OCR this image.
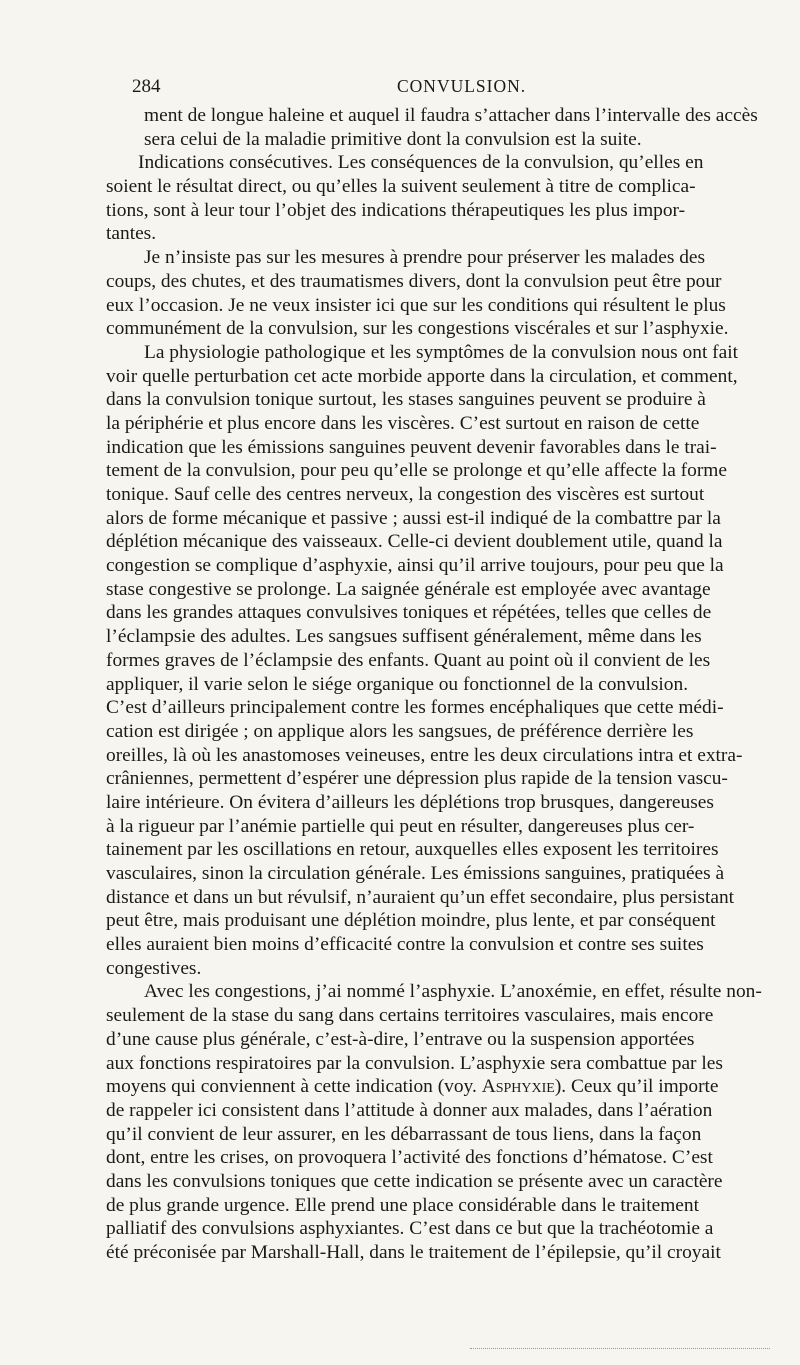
284	CONVULSION.

ment de longue haleine et auquel il faudra s’attacher dans l’intervalle des accès
sera celui de la maladie primitive dont la convulsion est la suite.

Indications consécutives. Les conséquences de la convulsion, qu’elles en
soient le résultat direct, ou qu’elles la suivent seulement à titre de complica-
tions, sont à leur tour l’objet des indications thérapeutiques les plus impor-
tantes.

Je n’insiste pas sur les mesures à prendre pour préserver les malades des
coups, des chutes, et des traumatismes divers, dont la convulsion peut être pour
eux l’occasion. Je ne veux insister ici que sur les conditions qui résultent le plus
communément de la convulsion, sur les congestions viscérales et sur l’asphyxie.

La physiologie pathologique et les symptômes de la convulsion nous ont fait
voir quelle perturbation cet acte morbide apporte dans la circulation, et comment,
dans la convulsion tonique surtout, les stases sanguines peuvent se produire à
la périphérie et plus encore dans les viscères. C’est surtout en raison de cette
indication que les émissions sanguines peuvent devenir favorables dans le trai-
tement de la convulsion, pour peu qu’elle se prolonge et qu’elle affecte la forme
tonique. Sauf celle des centres nerveux, la congestion des viscères est surtout
alors de forme mécanique et passive ; aussi est-il indiqué de la combattre par la
déplétion mécanique des vaisseaux. Celle-ci devient doublement utile, quand la
congestion se complique d’asphyxie, ainsi qu’il arrive toujours, pour peu que la
stase congestive se prolonge. La saignée générale est employée avec avantage
dans les grandes attaques convulsives toniques et répétées, telles que celles de
l’éclampsie des adultes. Les sangsues suffisent généralement, même dans les
formes graves de l’éclampsie des enfants. Quant au point où il convient de les
appliquer, il varie selon le siége organique ou fonctionnel de la convulsion.
C’est d’ailleurs principalement contre les formes encéphaliques que cette médi-
cation est dirigée ; on applique alors les sangsues, de préférence derrière les
oreilles, là où les anastomoses veineuses, entre les deux circulations intra et extra-
crâniennes, permettent d’espérer une dépression plus rapide de la tension vascu-
laire intérieure. On évitera d’ailleurs les déplétions trop brusques, dangereuses
à la rigueur par l’anémie partielle qui peut en résulter, dangereuses plus cer-
tainement par les oscillations en retour, auxquelles elles exposent les territoires
vasculaires, sinon la circulation générale. Les émissions sanguines, pratiquées à
distance et dans un but révulsif, n’auraient qu’un effet secondaire, plus persistant
peut être, mais produisant une déplétion moindre, plus lente, et par conséquent
elles auraient bien moins d’efficacité contre la convulsion et contre ses suites
congestives.

Avec les congestions, j’ai nommé l’asphyxie. L’anoxémie, en effet, résulte non-
seulement de la stase du sang dans certains territoires vasculaires, mais encore
d’une cause plus générale, c’est-à-dire, l’entrave ou la suspension apportées
aux fonctions respiratoires par la convulsion. L’asphyxie sera combattue par les
moyens qui conviennent à cette indication (voy. Asphyxie). Ceux qu’il importe
de rappeler ici consistent dans l’attitude à donner aux malades, dans l’aération
qu’il convient de leur assurer, en les débarrassant de tous liens, dans la façon
dont, entre les crises, on provoquera l’activité des fonctions d’hématose. C’est
dans les convulsions toniques que cette indication se présente avec un caractère
de plus grande urgence. Elle prend une place considérable dans le traitement
palliatif des convulsions asphyxiantes. C’est dans ce but que la trachéotomie a
été préconisée par Marshall-Hall, dans le traitement de l’épilepsie, qu’il croyait
